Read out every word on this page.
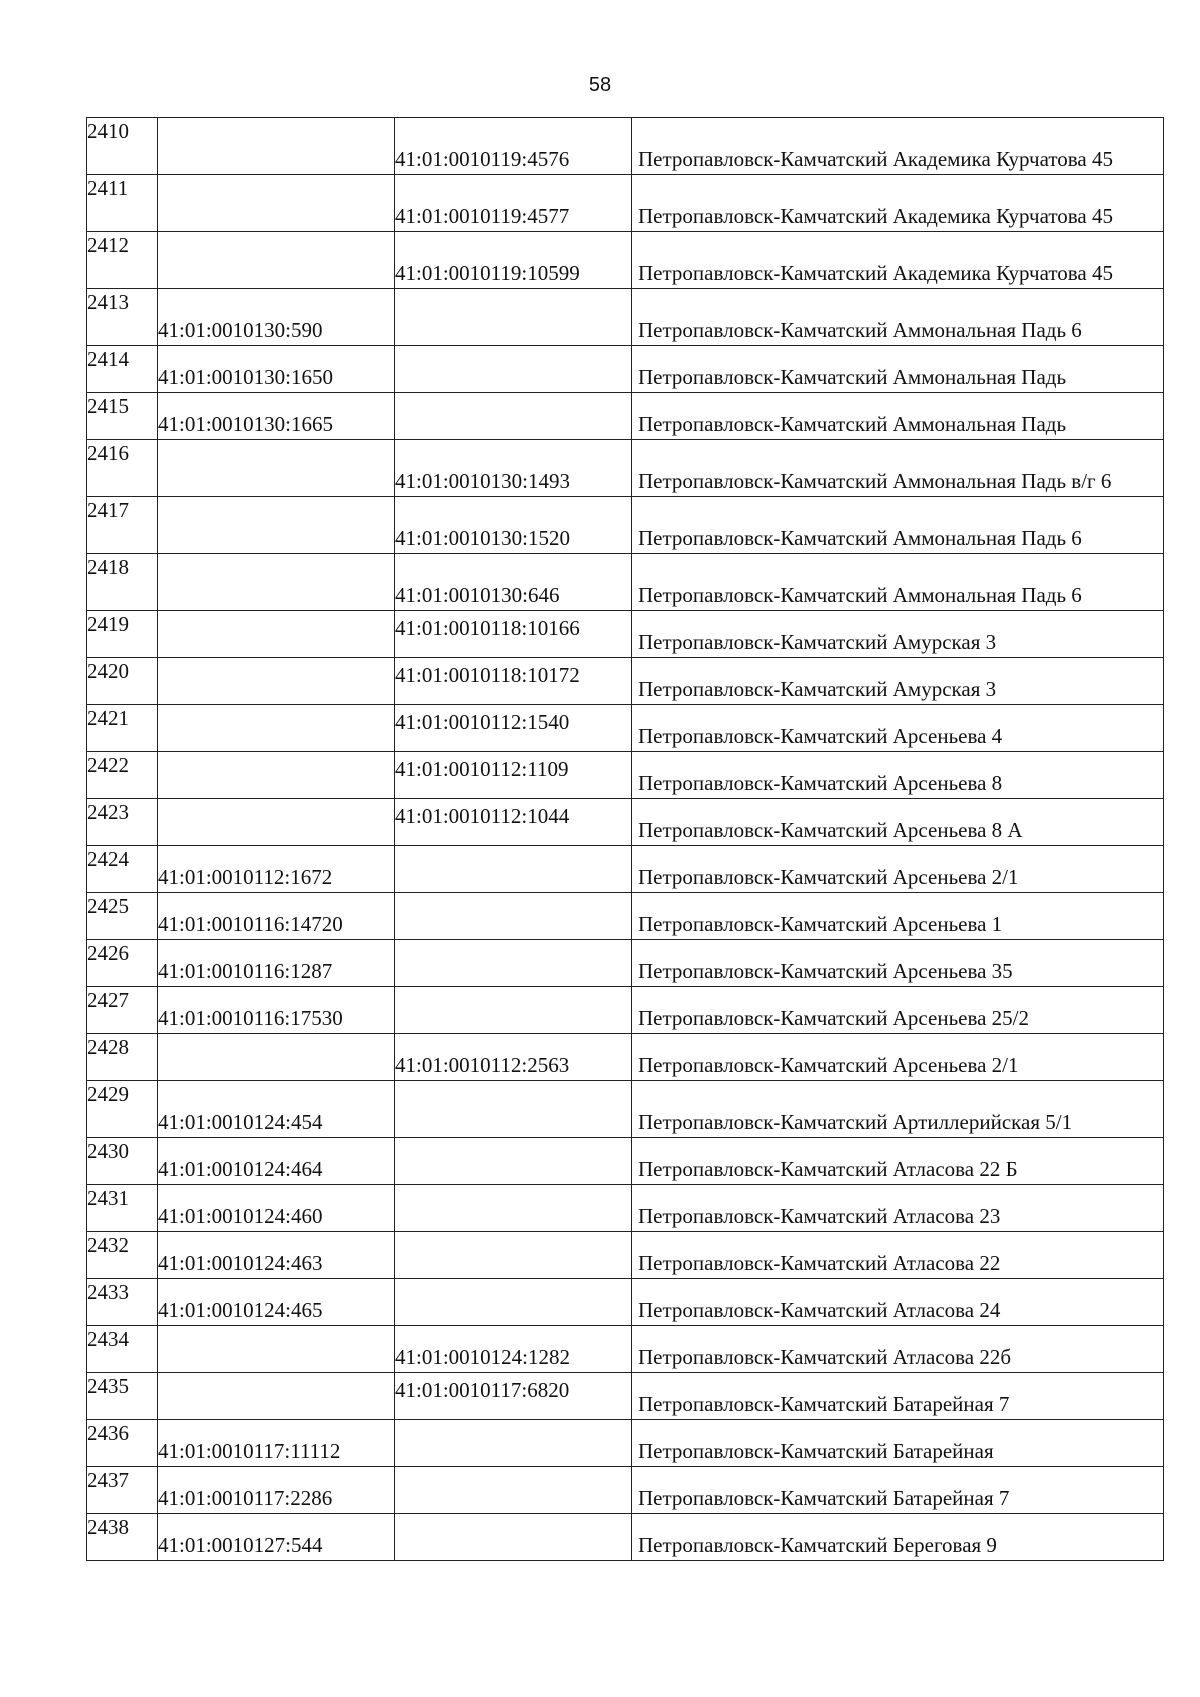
58
2410		41:01:0010119:4576	Петропавловск-Камчатский Академика Курчатова 45
2411		41:01:0010119:4577	Петропавловск-Камчатский Академика Курчатова 45
2412		41:01:0010119:10599	Петропавловск-Камчатский Академика Курчатова 45
2413	41:01:0010130:590		Петропавловск-Камчатский Аммональная Падь 6
2414	41:01:0010130:1650		Петропавловск-Камчатский Аммональная Падь
2415	41:01:0010130:1665		Петропавловск-Камчатский Аммональная Падь
2416		41:01:0010130:1493	Петропавловск-Камчатский Аммональная Падь в/г 6
2417		41:01:0010130:1520	Петропавловск-Камчатский Аммональная Падь 6
2418		41:01:0010130:646	Петропавловск-Камчатский Аммональная Падь 6
2419		41:01:0010118:10166	Петропавловск-Камчатский Амурская 3
2420		41:01:0010118:10172	Петропавловск-Камчатский Амурская 3
2421		41:01:0010112:1540	Петропавловск-Камчатский Арсеньева 4
2422		41:01:0010112:1109	Петропавловск-Камчатский Арсеньева 8
2423		41:01:0010112:1044	Петропавловск-Камчатский Арсеньева 8 А
2424	41:01:0010112:1672		Петропавловск-Камчатский Арсеньева 2/1
2425	41:01:0010116:14720		Петропавловск-Камчатский Арсеньева 1
2426	41:01:0010116:1287		Петропавловск-Камчатский Арсеньева 35
2427	41:01:0010116:17530		Петропавловск-Камчатский Арсеньева 25/2
2428		41:01:0010112:2563	Петропавловск-Камчатский Арсеньева 2/1
2429	41:01:0010124:454		Петропавловск-Камчатский Артиллерийская 5/1
2430	41:01:0010124:464		Петропавловск-Камчатский Атласова 22 Б
2431	41:01:0010124:460		Петропавловск-Камчатский Атласова 23
2432	41:01:0010124:463		Петропавловск-Камчатский Атласова 22
2433	41:01:0010124:465		Петропавловск-Камчатский Атласова 24
2434		41:01:0010124:1282	Петропавловск-Камчатский Атласова 22б
2435		41:01:0010117:6820	Петропавловск-Камчатский Батарейная 7
2436	41:01:0010117:11112		Петропавловск-Камчатский Батарейная
2437	41:01:0010117:2286		Петропавловск-Камчатский Батарейная 7
2438	41:01:0010127:544		Петропавловск-Камчатский Береговая 9
